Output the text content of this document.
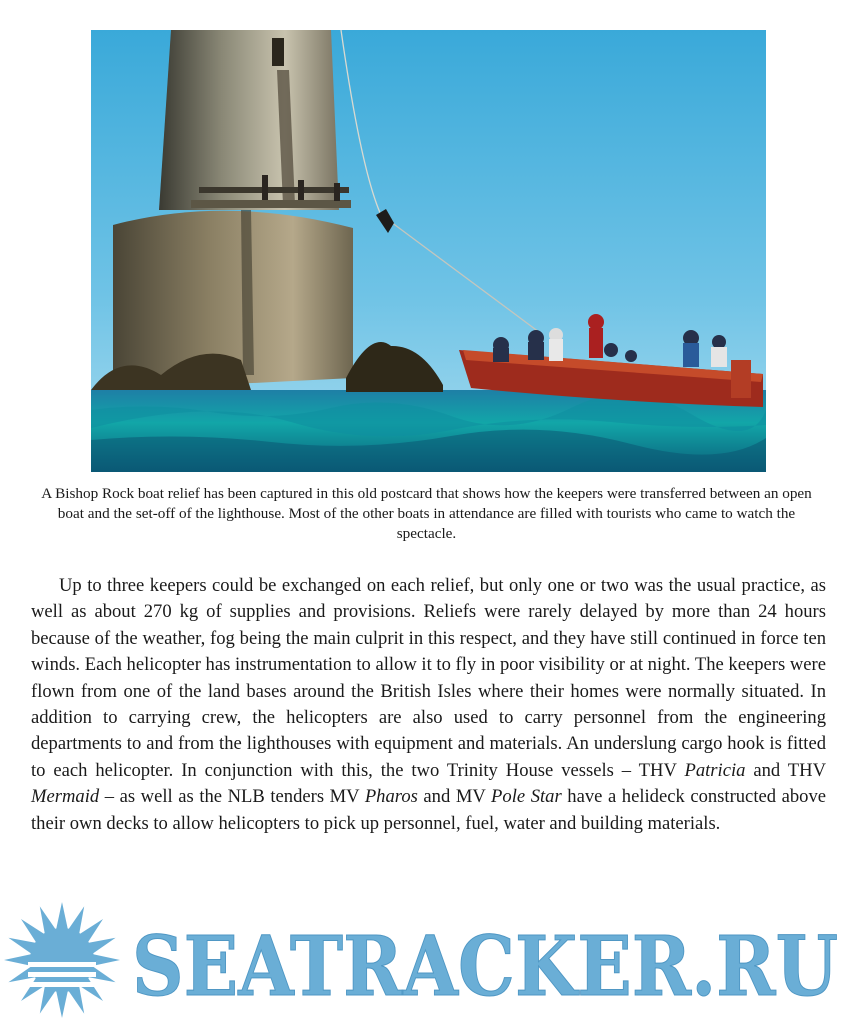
A Bishop Rock boat relief has been captured in this old postcard that shows how the keepers were transferred between an open boat and the set-off of the lighthouse. Most of the other boats in attendance are filled with tourists who came to watch the spectacle.

Up to three keepers could be exchanged on each relief, but only one or two was the usual practice, as well as about 270 kg of supplies and provisions. Reliefs were rarely delayed by more than 24 hours because of the weather, fog being the main culprit in this respect, and they have still continued in force ten winds. Each helicopter has instrumentation to allow it to fly in poor visibility or at night. The keepers were flown from one of the land bases around the British Isles where their homes were normally situated. In addition to carrying crew, the helicopters are also used to carry personnel from the engineering departments to and from the lighthouses with equipment and materials. An underslung cargo hook is fitted to each helicopter. In conjunction with this, the two Trinity House vessels – THV Patricia and THV Mermaid – as well as the NLB tenders MV Pharos and MV Pole Star have a helideck constructed above their own decks to allow helicopters to pick up personnel, fuel, water and building materials.

SEATRACKER.RU
